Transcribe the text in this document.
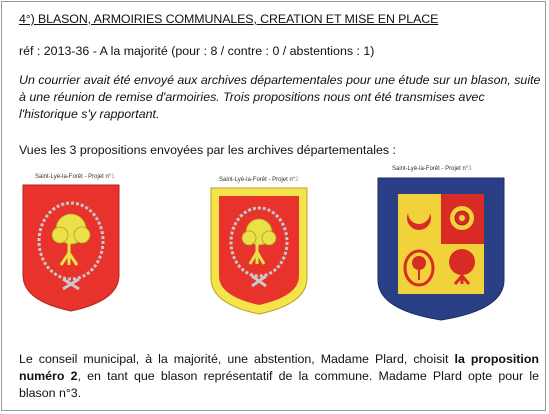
4°) BLASON, ARMOIRIES COMMUNALES, CREATION ET MISE EN PLACE
réf : 2013-36 - A la majorité (pour : 8 / contre : 0 / abstentions : 1)
Un courrier avait été envoyé aux archives départementales pour une étude sur un blason, suite à une réunion de remise d'armoiries. Trois propositions nous ont été transmises avec l'historique s'y rapportant.
Vues les 3 propositions envoyées par les archives départementales :
Saint-Lyé-la-Forêt - Projet n°1	Saint-Lyé-la-Forêt - Projet n°2
Saint-Lyé-la-Forêt - Projet n°3
Le conseil municipal, à la majorité, une abstention, Madame Plard, choisit la proposition numéro 2, en tant que blason représentatif de la commune. Madame Plard opte pour le blason n°3.
